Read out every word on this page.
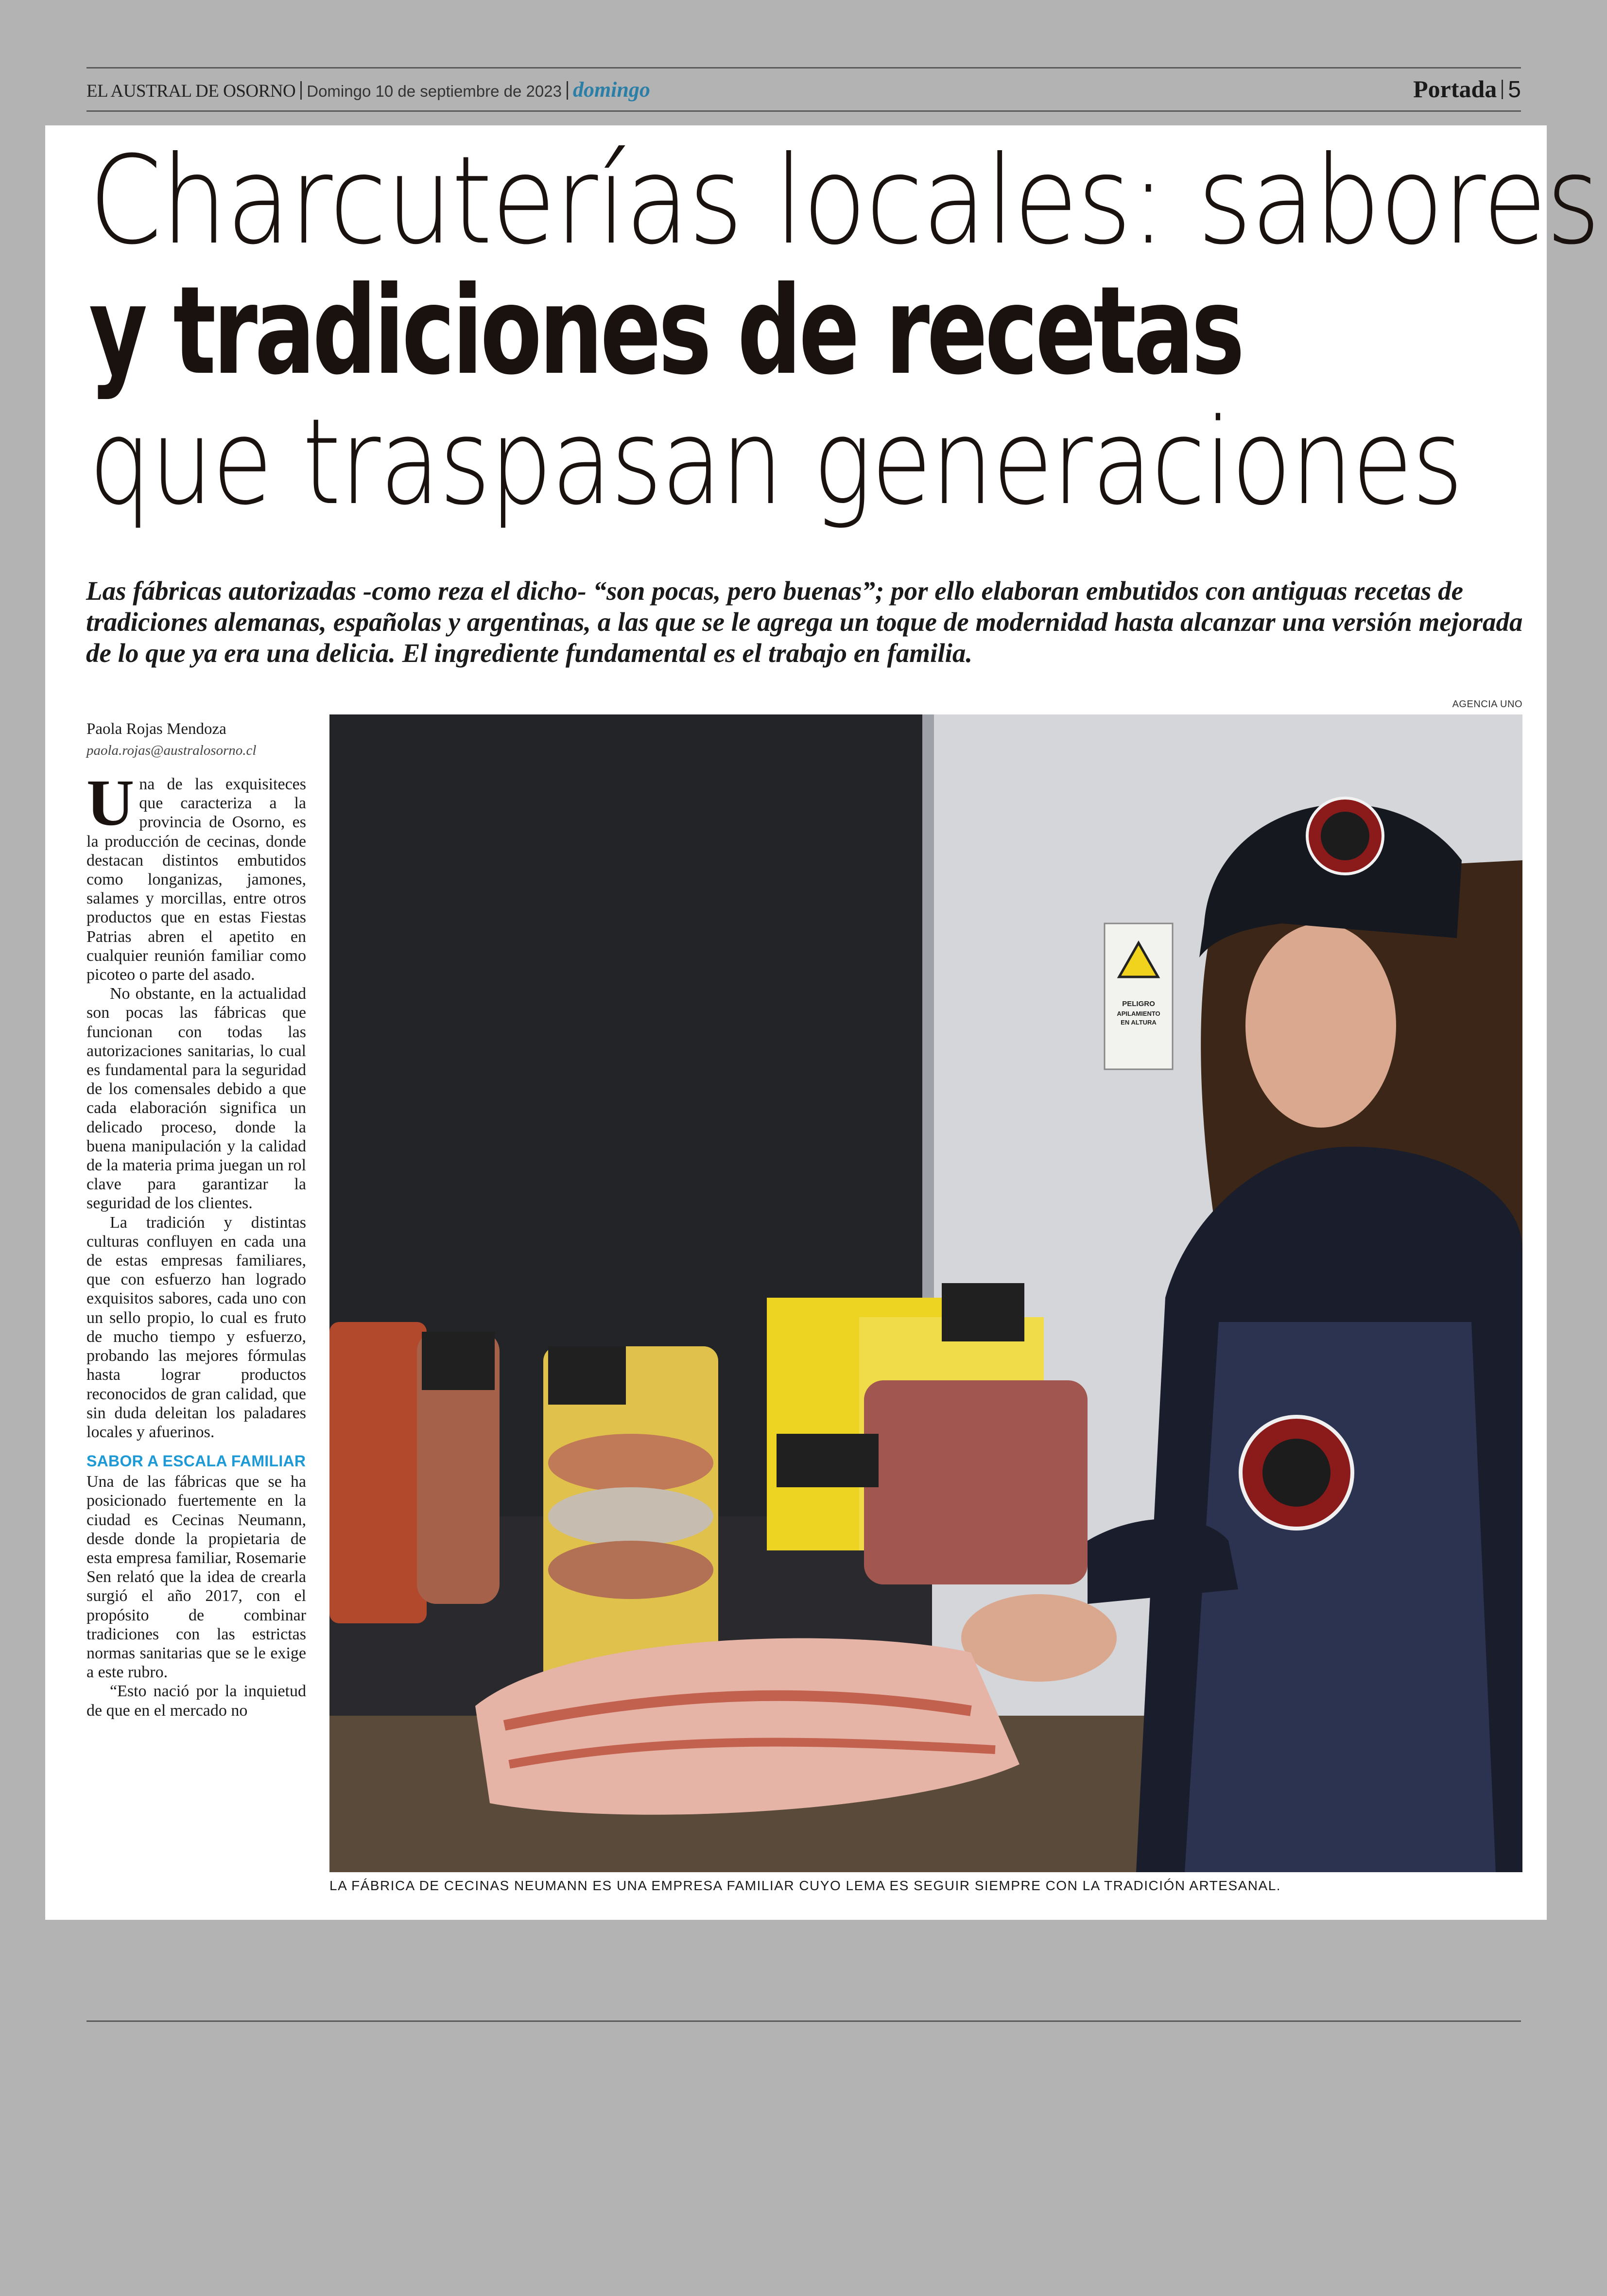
EL AUSTRAL DE OSORNO Domingo 10 de septiembre de 2023 domingo	Portada 5
Charcuterías locales: sabores
y tradiciones de recetas
que traspasan generaciones
Las fábricas autorizadas -como reza el dicho- “son pocas, pero buenas”; por ello elaboran embutidos con antiguas recetas de tradiciones alemanas, españolas y argentinas, a las que se le agrega un toque de modernidad hasta alcanzar una versión mejorada de lo que ya era una delicia. El ingrediente fundamental es el trabajo en familia.
AGENCIA UNO
Paola Rojas Mendoza
paola.rojas@australosorno.cl

Una de las exquisiteces que caracteriza a la provincia de Osorno, es la producción de cecinas, donde destacan distintos embutidos como longanizas, jamones, salames y morcillas, entre otros productos que en estas Fiestas Patrias abren el apetito en cualquier reunión familiar como picoteo o parte del asado.

No obstante, en la actualidad son pocas las fábricas que funcionan con todas las autorizaciones sanitarias, lo cual es fundamental para la seguridad de los comensales debido a que cada elaboración significa un delicado proceso, donde la buena manipulación y la calidad de la materia prima juegan un rol clave para garantizar la seguridad de los clientes.

La tradición y distintas culturas confluyen en cada una de estas empresas familiares, que con esfuerzo han logrado exquisitos sabores, cada uno con un sello propio, lo cual es fruto de mucho tiempo y esfuerzo, probando las mejores fórmulas hasta lograr productos reconocidos de gran calidad, que sin duda deleitan los paladares locales y afuerinos.

SABOR A ESCALA FAMILIAR

Una de las fábricas que se ha posicionado fuertemente en la ciudad es Cecinas Neumann, desde donde la propietaria de esta empresa familiar, Rosemarie Sen relató que la idea de crearla surgió el año 2017, con el propósito de combinar tradiciones con las estrictas normas sanitarias que se le exige a este rubro.

“Esto nació por la inquietud de que en el mercado no

PELIGRO
APILAMIENTO
EN ALTURA
LA FÁBRICA DE CECINAS NEUMANN ES UNA EMPRESA FAMILIAR CUYO LEMA ES SEGUIR SIEMPRE CON LA TRADICIÓN ARTESANAL.
